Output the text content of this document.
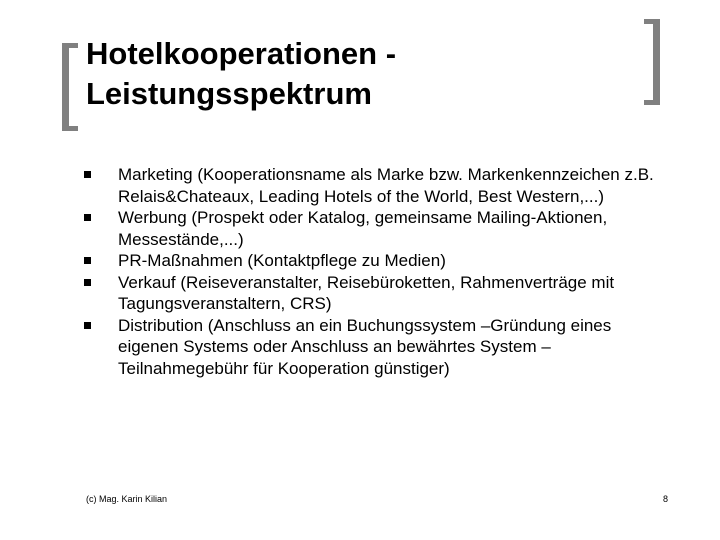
Hotelkooperationen -
Leistungsspektrum
Marketing (Kooperationsname als Marke bzw. Markenkennzeichen z.B. Relais&Chateaux, Leading Hotels of the World, Best Western,...)
Werbung (Prospekt oder Katalog, gemeinsame Mailing-Aktionen, Messestände,...)
PR-Maßnahmen (Kontaktpflege zu Medien)
Verkauf (Reiseveranstalter, Reisebüroketten, Rahmenverträge mit Tagungsveranstaltern, CRS)
Distribution (Anschluss an ein Buchungssystem –Gründung eines eigenen Systems oder Anschluss an bewährtes System – Teilnahmegebühr für Kooperation günstiger)
(c) Mag. Karin Kilian	8
